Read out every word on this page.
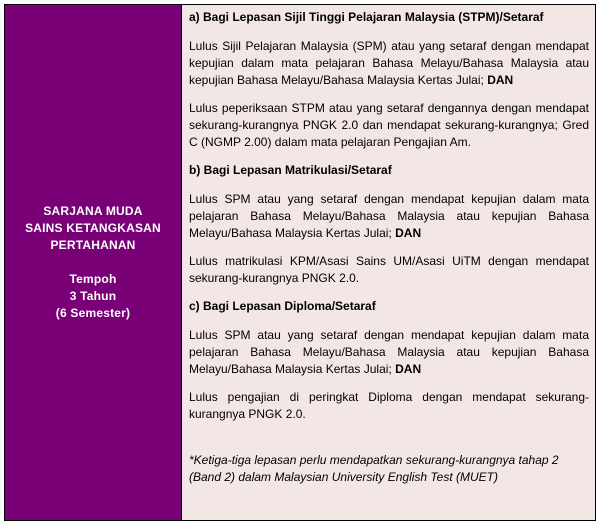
SARJANA MUDA
SAINS KETANGKASAN
PERTAHANAN
Tempoh
3 Tahun
(6 Semester)
a) Bagi Lepasan Sijil Tinggi Pelajaran Malaysia (STPM)/Setaraf

Lulus Sijil Pelajaran Malaysia (SPM) atau yang setaraf dengan mendapat kepujian dalam mata pelajaran Bahasa Melayu/Bahasa Malaysia atau kepujian Bahasa Melayu/Bahasa Malaysia Kertas Julai; DAN

Lulus peperiksaan STPM atau yang setaraf dengannya dengan mendapat sekurang-kurangnya PNGK 2.0 dan mendapat sekurang-kurangnya; Gred C (NGMP 2.00) dalam mata pelajaran Pengajian Am.

b) Bagi Lepasan Matrikulasi/Setaraf

Lulus SPM atau yang setaraf dengan mendapat kepujian dalam mata pelajaran Bahasa Melayu/Bahasa Malaysia atau kepujian Bahasa Melayu/Bahasa Malaysia Kertas Julai; DAN

Lulus matrikulasi KPM/Asasi Sains UM/Asasi UiTM dengan mendapat sekurang-kurangnya PNGK 2.0.

c) Bagi Lepasan Diploma/Setaraf

Lulus SPM atau yang setaraf dengan mendapat kepujian dalam mata pelajaran Bahasa Melayu/Bahasa Malaysia atau kepujian Bahasa Melayu/Bahasa Malaysia Kertas Julai; DAN

Lulus pengajian di peringkat Diploma dengan mendapat sekurang-kurangnya PNGK 2.0.

*Ketiga-tiga lepasan perlu mendapatkan sekurang-kurangnya tahap 2 (Band 2) dalam Malaysian University English Test (MUET)
